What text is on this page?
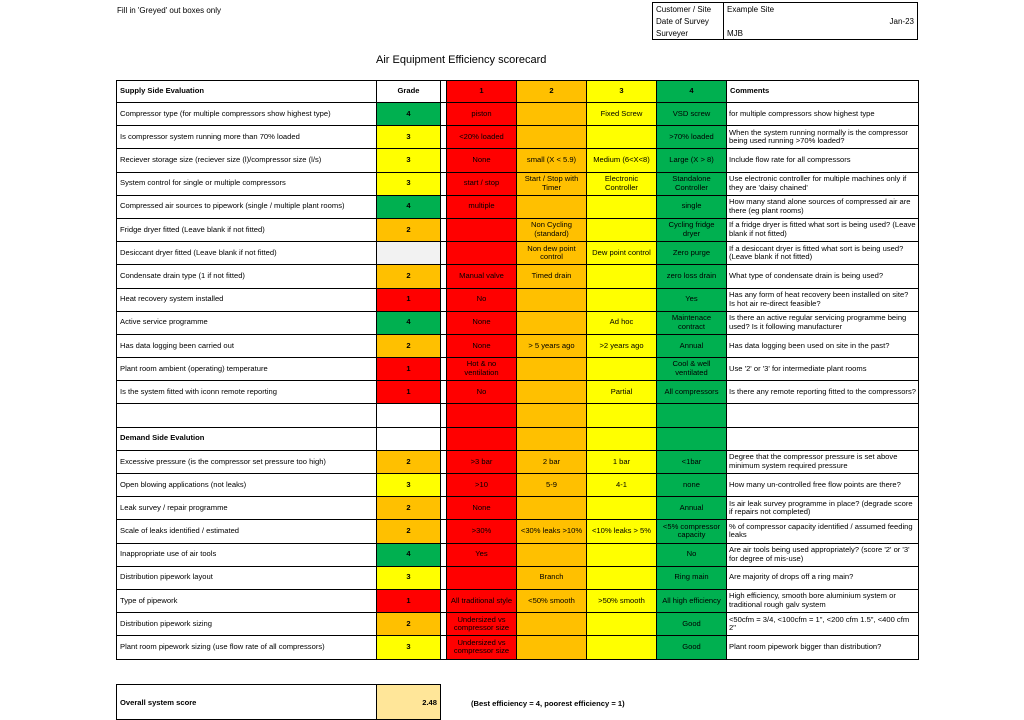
Fill in 'Greyed' out boxes only	Customer / Site	Example Site
Date of Survey	Jan-23
Surveyer	MJB
Air Equipment Efficiency scorecard
Supply Side Evaluation	Grade		1	2	3	4	Comments
Compressor type (for multiple compressors show highest type)	4		piston		Fixed Screw	VSD screw	for multiple compressors show highest type
Is compressor system running more than 70% loaded	3		<20% loaded			>70% loaded	When the system running normally is the compressor being used running >70% loaded?
Reciever storage size (reciever size (l)/compressor size (l/s)	3		None	small (X < 5.9)	Medium (6<X<8)	Large (X > 8)	Include flow rate for all compressors
System control for single or multiple compressors	3		start / stop	Start / Stop with Timer	Electronic Controller	Standalone Controller	Use electronic controller for multiple machines only if they are 'daisy chained'
Compressed air sources to pipework (single / multiple plant rooms)	4		multiple			single	How many stand alone sources of compressed air are there (eg plant rooms)
Fridge dryer fitted (Leave blank if not fitted)	2			Non Cycling (standard)		Cycling fridge dryer	If a fridge dryer is fitted what sort is being used? (Leave blank if not fitted)
Desiccant dryer fitted (Leave blank if not fitted)				Non dew point control	Dew point control	Zero purge	If a desiccant dryer is fitted what sort is being used? (Leave blank if not fitted)
Condensate drain type (1 if not fitted)	2		Manual valve	Timed drain		zero loss drain	What type of condensate drain is being used?
Heat recovery system installed	1		No			Yes	Has any form of heat recovery been installed on site? Is hot air re-direct feasible?
Active service programme	4		None		Ad hoc	Maintenace contract	Is there an active regular servicing programme being used? Is it following manufacturer
Has data logging been carried out	2		None	> 5 years ago	>2 years ago	Annual	Has data logging been used on site in the past?
Plant room ambient (operating) temperature	1		Hot & no ventilation			Cool & well ventilated	Use '2' or '3' for intermediate plant rooms
Is the system fitted with iconn remote reporting	1		No		Partial	All compressors	Is there any remote reporting fitted to the compressors?

Demand Side Evalution							
Excessive pressure (is the compressor set pressure too high)	2		>3 bar	2 bar	1 bar	<1bar	Degree that the compressor pressure is set above minimum system required pressure
Open blowing applications (not leaks)	3		>10	5-9	4-1	none	How many un-controlled free flow points are there?
Leak survey / repair programme	2		None			Annual	Is air leak survey programme in place? (degrade score if repairs not completed)
Scale of leaks identified / estimated	2		>30%	<30% leaks >10%	<10% leaks > 5%	<5% compressor capacity	% of compressor capacity identified / assumed feeding leaks
Inappropriate use of air tools	4		Yes			No	Are air tools being used appropriately? (score '2' or '3' for degree of mis-use)
Distribution pipework layout	3			Branch		Ring main	Are majority of drops off a ring main?
Type of pipework	1		All traditional style	<50% smooth	>50% smooth	All high efficiency	High efficiency, smooth bore aluminium system or traditional rough galv system
Distribution pipework sizing	2		Undersized vs compressor size			Good	<50cfm = 3/4, <100cfm = 1", <200 cfm 1.5", <400 cfm 2"
Plant room pipework sizing (use flow rate of all compressors)	3		Undersized vs compressor size			Good	Plant room pipework bigger than distribution?
Overall system score	2.48		(Best efficiency = 4, poorest efficiency = 1)
